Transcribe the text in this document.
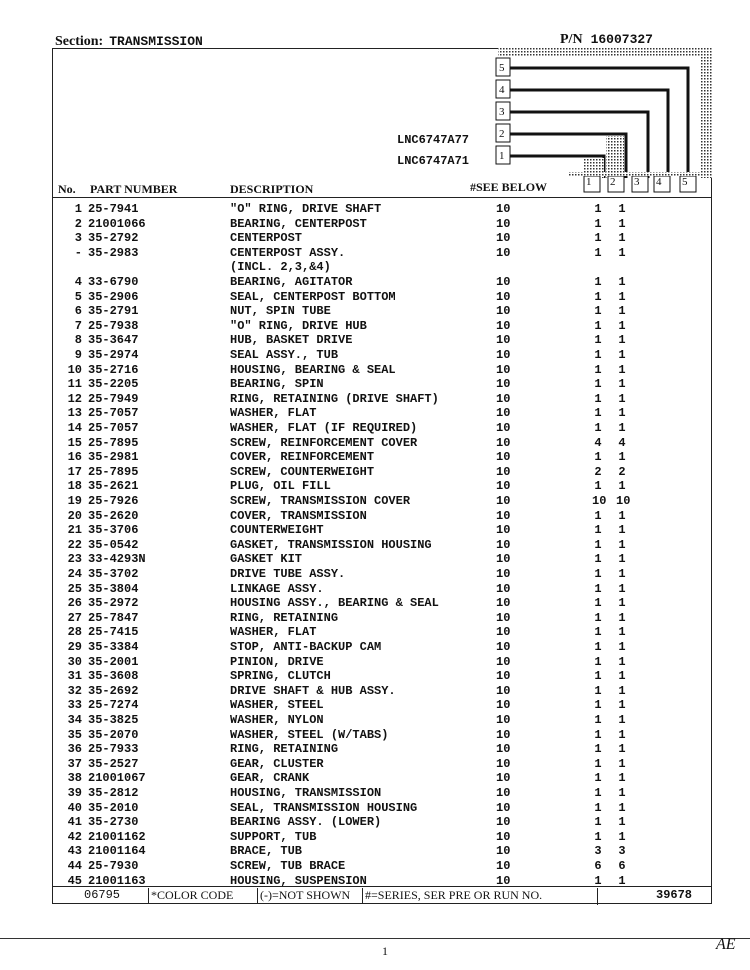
Section: TRANSMISSION	P/N 16007327
5
4
3
2
1
1 2 3 4 5
LNC6747A77
LNC6747A71
No. PART NUMBER	DESCRIPTION	#SEE BELOW
1 25-7941	"O" RING, DRIVE SHAFT	10	1 1
2 21001066	BEARING, CENTERPOST	10	1 1
3 35-2792	CENTERPOST	10	1 1
- 35-2983	CENTERPOST ASSY.	10	1 1
(INCL. 2,3,&4)
4 33-6790	BEARING, AGITATOR	10	1 1
5 35-2906	SEAL, CENTERPOST BOTTOM	10	1 1
6 35-2791	NUT, SPIN TUBE	10	1 1
7 25-7938	"O" RING, DRIVE HUB	10	1 1
8 35-3647	HUB, BASKET DRIVE	10	1 1
9 35-2974	SEAL ASSY., TUB	10	1 1
10 35-2716	HOUSING, BEARING & SEAL	10	1 1
11 35-2205	BEARING, SPIN	10	1 1
12 25-7949	RING, RETAINING (DRIVE SHAFT)	10	1 1
13 25-7057	WASHER, FLAT	10	1 1
14 25-7057	WASHER, FLAT (IF REQUIRED)	10	1 1
15 25-7895	SCREW, REINFORCEMENT COVER	10	4 4
16 35-2981	COVER, REINFORCEMENT	10	1 1
17 25-7895	SCREW, COUNTERWEIGHT	10	2 2
18 35-2621	PLUG, OIL FILL	10	1 1
19 25-7926	SCREW, TRANSMISSION COVER	10	10 10
20 35-2620	COVER, TRANSMISSION	10	1 1
21 35-3706	COUNTERWEIGHT	10	1 1
22 35-0542	GASKET, TRANSMISSION HOUSING	10	1 1
23 33-4293N	GASKET KIT	10	1 1
24 35-3702	DRIVE TUBE ASSY.	10	1 1
25 35-3804	LINKAGE ASSY.	10	1 1
26 35-2972	HOUSING ASSY., BEARING & SEAL	10	1 1
27 25-7847	RING, RETAINING	10	1 1
28 25-7415	WASHER, FLAT	10	1 1
29 35-3384	STOP, ANTI-BACKUP CAM	10	1 1
30 35-2001	PINION, DRIVE	10	1 1
31 35-3608	SPRING, CLUTCH	10	1 1
32 35-2692	DRIVE SHAFT & HUB ASSY.	10	1 1
33 25-7274	WASHER, STEEL	10	1 1
34 35-3825	WASHER, NYLON	10	1 1
35 35-2070	WASHER, STEEL (W/TABS)	10	1 1
36 25-7933	RING, RETAINING	10	1 1
37 35-2527	GEAR, CLUSTER	10	1 1
38 21001067	GEAR, CRANK	10	1 1
39 35-2812	HOUSING, TRANSMISSION	10	1 1
40 35-2010	SEAL, TRANSMISSION HOUSING	10	1 1
41 35-2730	BEARING ASSY. (LOWER)	10	1 1
42 21001162	SUPPORT, TUB	10	1 1
43 21001164	BRACE, TUB	10	3 3
44 25-7930	SCREW, TUB BRACE	10	6 6
45 21001163	HOUSING, SUSPENSION	10	1 1
06795	*COLOR CODE (-)=NOT SHOWN #=SERIES, SER PRE OR RUN NO.	39678
1	AE
